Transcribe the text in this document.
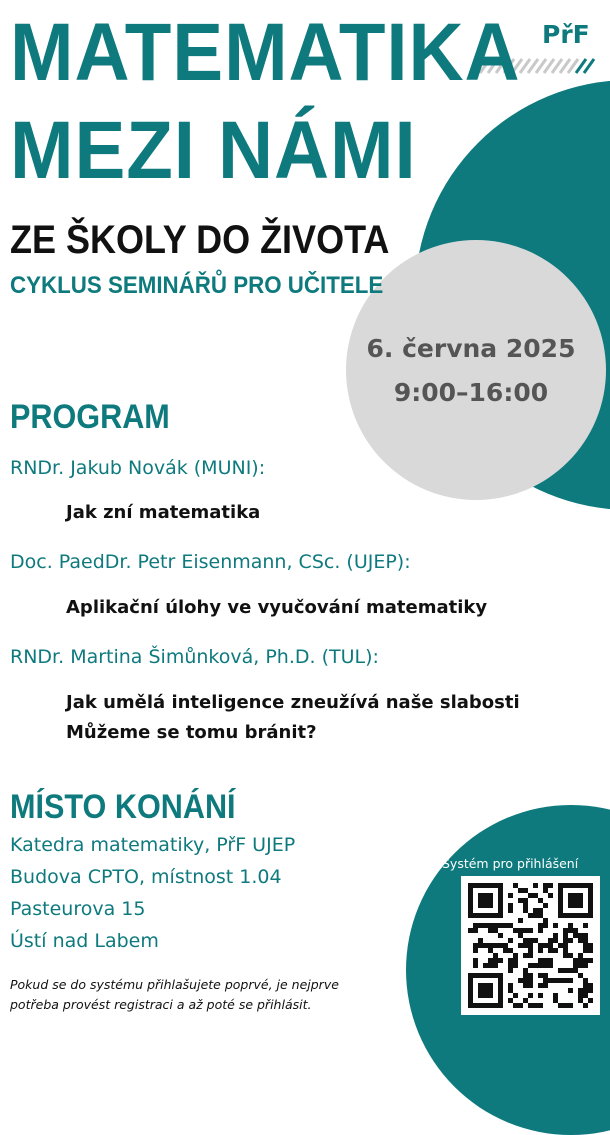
PřF
MATEMATIKA
MEZI NÁMI
ZE ŠKOLY DO ŽIVOTA
CYKLUS SEMINÁŘŮ PRO UČITELE
6. června 2025
9:00–16:00
PROGRAM
RNDr. Jakub Novák (MUNI):
Jak zní matematika
Doc. PaedDr. Petr Eisenmann, CSc. (UJEP):
Aplikační úlohy ve vyučování matematiky
RNDr. Martina Šimůnková, Ph.D. (TUL):
Jak umělá inteligence zneužívá naše slabosti
Můžeme se tomu bránit?
MÍSTO KONÁNÍ
Katedra matematiky, PřF UJEP
Budova CPTO, místnost 1.04
Pasteurova 15
Ústí nad Labem
Pokud se do systému přihlašujete poprvé, je nejprve
potřeba provést registraci a až poté se přihlásit.
Systém pro přihlášení
